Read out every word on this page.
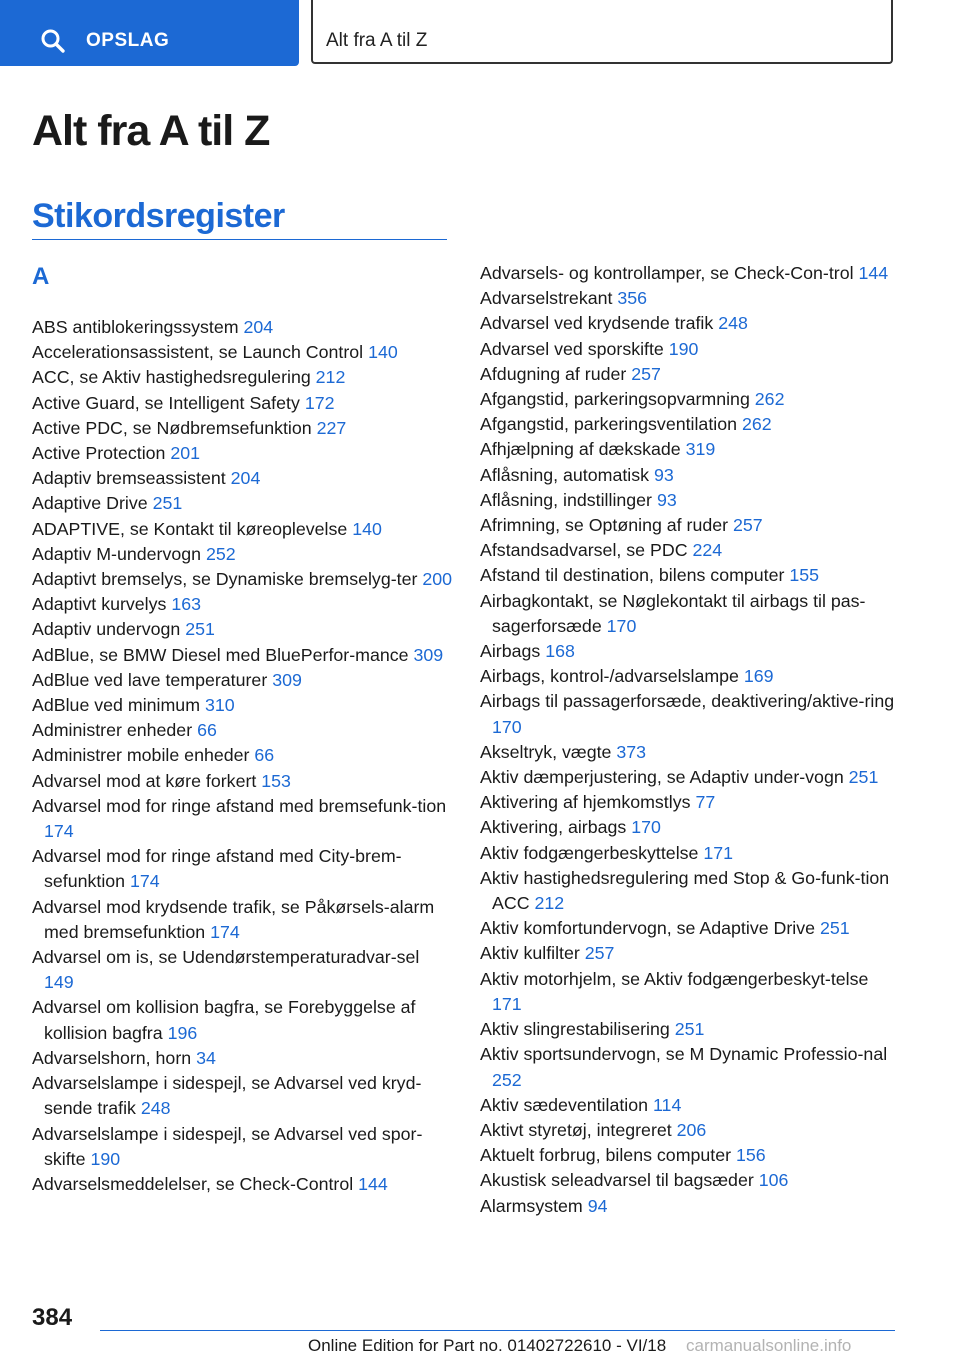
OPSLAG	Alt fra A til Z
Alt fra A til Z
Stikordsregister
A
ABS antiblokeringssystem 204
Accelerationsassistent, se Launch Control 140
ACC, se Aktiv hastighedsregulering 212
Active Guard, se Intelligent Safety 172
Active PDC, se Nødbremsefunktion 227
Active Protection 201
Adaptiv bremseassistent 204
Adaptive Drive 251
ADAPTIVE, se Kontakt til køreoplevelse 140
Adaptiv M-undervogn 252
Adaptivt bremselys, se Dynamiske bremselyg-ter 200
Adaptivt kurvelys 163
Adaptiv undervogn 251
AdBlue, se BMW Diesel med BluePerfor-mance 309
AdBlue ved lave temperaturer 309
AdBlue ved minimum 310
Administrer enheder 66
Administrer mobile enheder 66
Advarsel mod at køre forkert 153
Advarsel mod for ringe afstand med bremsefunk-tion 174
Advarsel mod for ringe afstand med City-brem-sefunktion 174
Advarsel mod krydsende trafik, se Påkørsels-alarm med bremsefunktion 174
Advarsel om is, se Udendørstemperaturadvar-sel 149
Advarsel om kollision bagfra, se Forebyggelse af kollision bagfra 196
Advarselshorn, horn 34
Advarselslampe i sidespejl, se Advarsel ved kryd-sende trafik 248
Advarselslampe i sidespejl, se Advarsel ved spor-skifte 190
Advarselsmeddelelser, se Check-Control 144
Advarsels- og kontrollamper, se Check-Con-trol 144
Advarselstrekant 356
Advarsel ved krydsende trafik 248
Advarsel ved sporskifte 190
Afdugning af ruder 257
Afgangstid, parkeringsopvarmning 262
Afgangstid, parkeringsventilation 262
Afhjælpning af dækskade 319
Aflåsning, automatisk 93
Aflåsning, indstillinger 93
Afrimning, se Optøning af ruder 257
Afstandsadvarsel, se PDC 224
Afstand til destination, bilens computer 155
Airbagkontakt, se Nøglekontakt til airbags til pas-sagerforsæde 170
Airbags 168
Airbags, kontrol-/advarselslampe 169
Airbags til passagerforsæde, deaktivering/aktive-ring 170
Akseltryk, vægte 373
Aktiv dæmperjustering, se Adaptiv under-vogn 251
Aktivering af hjemkomstlys 77
Aktivering, airbags 170
Aktiv fodgængerbeskyttelse 171
Aktiv hastighedsregulering med Stop & Go-funk-tion ACC 212
Aktiv komfortundervogn, se Adaptive Drive 251
Aktiv kulfilter 257
Aktiv motorhjelm, se Aktiv fodgængerbeskyt-telse 171
Aktiv slingrestabilisering 251
Aktiv sportsundervogn, se M Dynamic Professio-nal 252
Aktiv sædeventilation 114
Aktivt styretøj, integreret 206
Aktuelt forbrug, bilens computer 156
Akustisk seleadvarsel til bagsæder 106
Alarmsystem 94
384
Online Edition for Part no. 01402722610 - VI/18 carmanualsonline.info
